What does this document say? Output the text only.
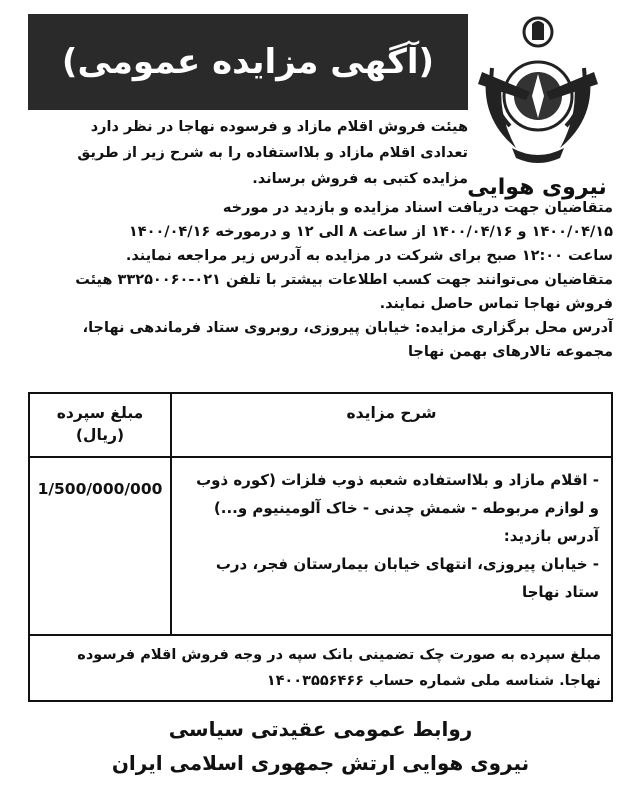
(آگهی مزایده عمومی)
نیروی هوایی

هیئت فروش اقلام مازاد و فرسوده نهاجا در نظر دارد

تعدادی اقلام مازاد و بلااستفاده را به شرح زیر از طریق

مزایده کتبی به فروش برساند.

متقاضیان جهت دریافت اسناد مزایده و بازدید در مورخه

۱۴۰۰/۰۴/۱۵ و ۱۴۰۰/۰۴/۱۶ از ساعت ۸ الی ۱۲ و درمورخه ۱۴۰۰/۰۴/۱۶

ساعت ۱۲:۰۰ صبح برای شرکت در مزایده به آدرس زیر مراجعه نمایند.

متقاضیان می‌توانند جهت کسب اطلاعات بیشتر با تلفن ۰۲۱-۳۳۲۵۰۰۶۰ هیئت

فروش نهاجا تماس حاصل نمایند.

آدرس محل برگزاری مزایده: خیابان پیروزی، روبروی ستاد فرماندهی نهاجا،

مجموعه تالارهای بهمن نهاجا

شرح مزایده
مبلغ سپرده
(ریال)

- اقلام مازاد و بلااستفاده شعبه ذوب فلزات (کوره ذوب

و لوازم مربوطه - شمش چدنی - خاک آلومینیوم و...)

آدرس بازدید:

- خیابان پیروزی، انتهای خیابان بیمارستان فجر، درب

ستاد نهاجا

1/500/000/000

مبلغ سپرده به صورت چک تضمینی بانک سپه در وجه فروش اقلام فرسوده

نهاجا. شناسه ملی شماره حساب ۱۴۰۰۳۵۵۶۴۶۶

روابط عمومی عقیدتی سیاسی

نیروی هوایی ارتش جمهوری اسلامی ایران
